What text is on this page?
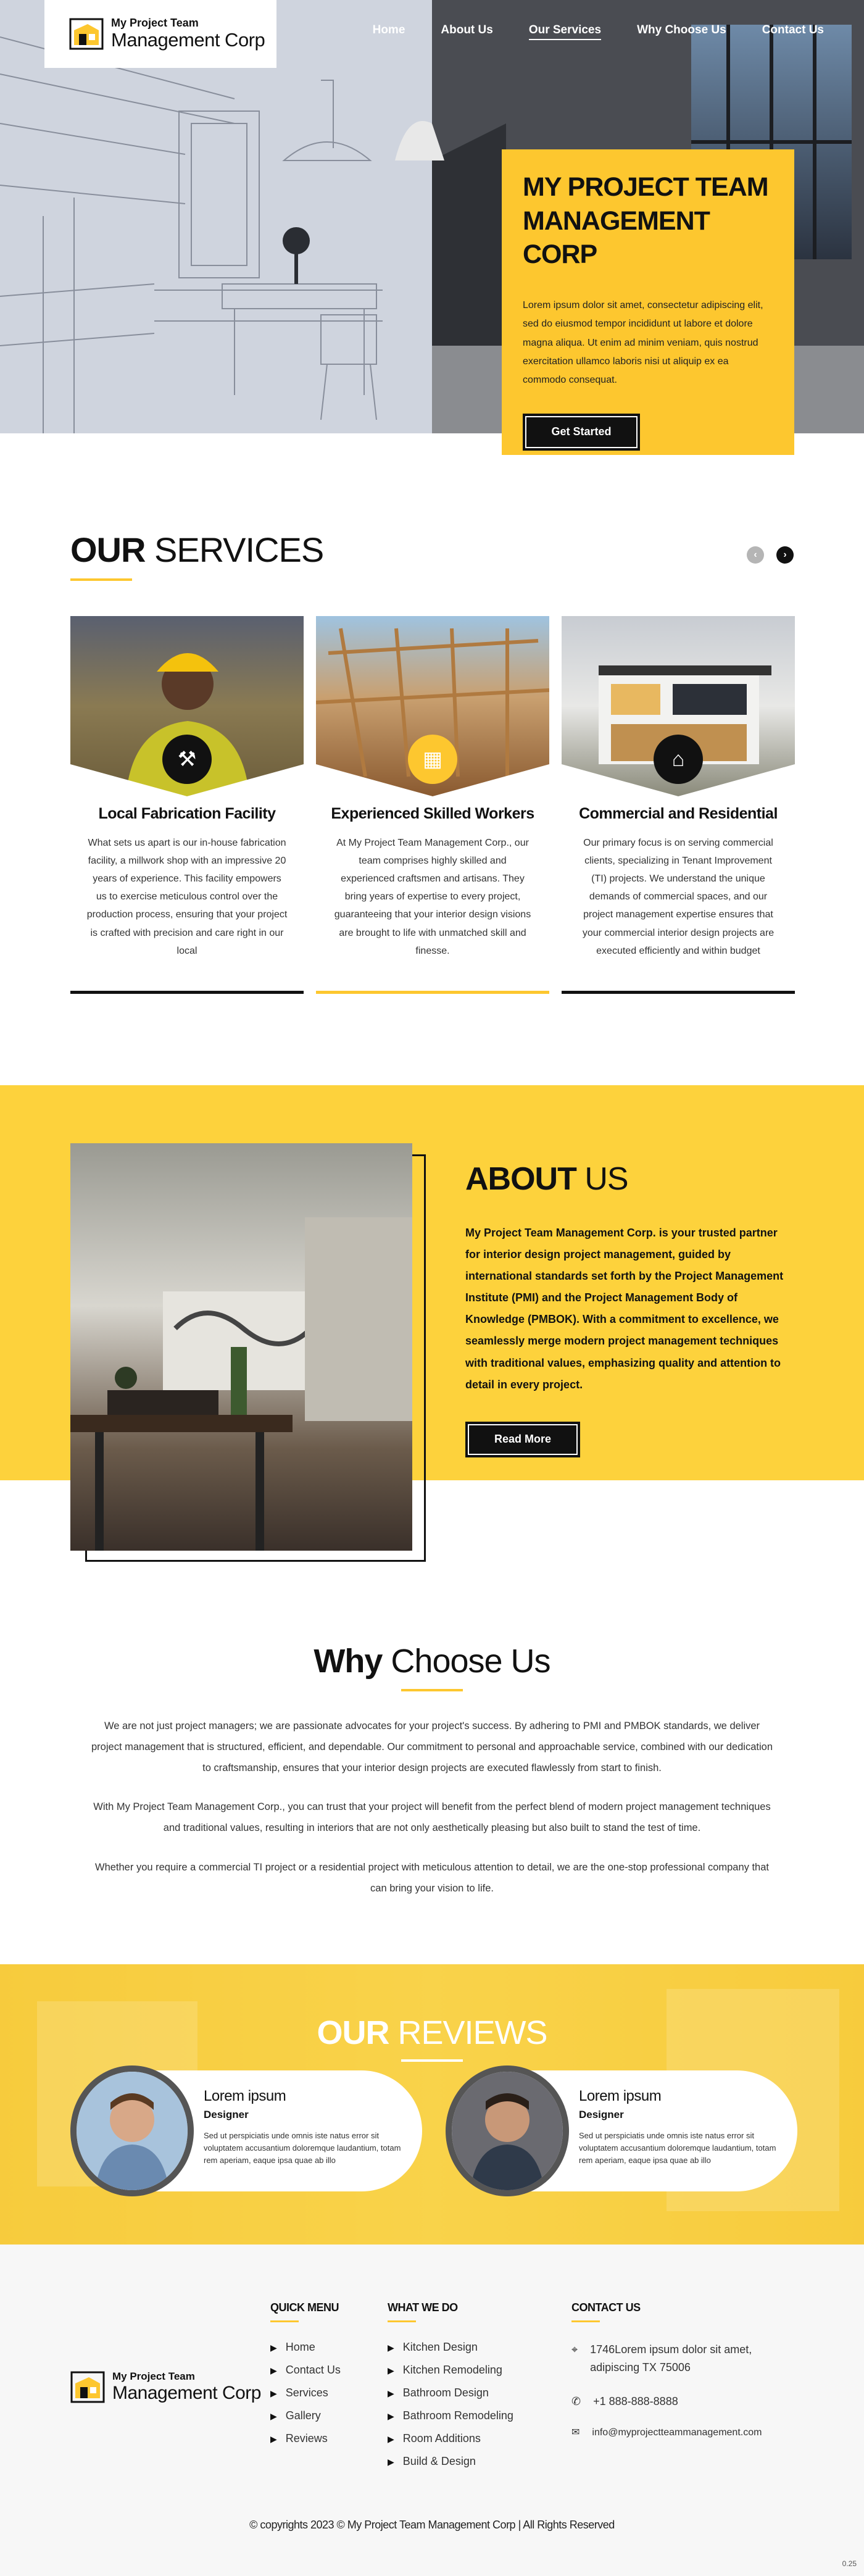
My Project Team
Management Corp	Home	About Us	Our Services	Why Choose Us	Contact Us
MY PROJECT TEAM MANAGEMENT CORP

Lorem ipsum dolor sit amet, consectetur adipiscing elit, sed do eiusmod tempor incididunt ut labore et dolore magna aliqua. Ut enim ad minim veniam, quis nostrud exercitation ullamco laboris nisi ut aliquip ex ea commodo consequat.

Get Started
OUR SERVICES	‹	›
⚒
Local Fabrication Facility

What sets us apart is our in-house fabrication facility, a millwork shop with an impressive 20 years of experience. This facility empowers us to exercise meticulous control over the production process, ensuring that your project is crafted with precision and care right in our local

▦
Experienced Skilled Workers

At My Project Team Management Corp., our team comprises highly skilled and experienced craftsmen and artisans. They bring years of expertise to every project, guaranteeing that your interior design visions are brought to life with unmatched skill and finesse.

⌂
Commercial and Residential

Our primary focus is on serving commercial clients, specializing in Tenant Improvement (TI) projects. We understand the unique demands of commercial spaces, and our project management expertise ensures that your commercial interior design projects are executed efficiently and within budget

ABOUT US

My Project Team Management Corp. is your trusted partner for interior design project management, guided by international standards set forth by the Project Management Institute (PMI) and the Project Management Body of Knowledge (PMBOK). With a commitment to excellence, we seamlessly merge modern project management techniques with traditional values, emphasizing quality and attention to detail in every project.

Read More
Why Choose Us

We are not just project managers; we are passionate advocates for your project's success. By adhering to PMI and PMBOK standards, we deliver project management that is structured, efficient, and dependable. Our commitment to personal and approachable service, combined with our dedication to craftsmanship, ensures that your interior design projects are executed flawlessly from start to finish.

With My Project Team Management Corp., you can trust that your project will benefit from the perfect blend of modern project management techniques and traditional values, resulting in interiors that are not only aesthetically pleasing but also built to stand the test of time.

Whether you require a commercial TI project or a residential project with meticulous attention to detail, we are the one-stop professional company that can bring your vision to life.

OUR REVIEWS
Lorem ipsum
Designer
Sed ut perspiciatis unde omnis iste natus error sit voluptatem accusantium doloremque laudantium, totam rem aperiam, eaque ipsa quae ab illo
Lorem ipsum
Designer
Sed ut perspiciatis unde omnis iste natus error sit voluptatem accusantium doloremque laudantium, totam rem aperiam, eaque ipsa quae ab illo
My Project Team
Management Corp
QUICK MENU
▶ Home
▶ Contact Us
▶ Services
▶ Gallery
▶ Reviews
WHAT WE DO
▶ Kitchen Design
▶ Kitchen Remodeling
▶ Bathroom Design
▶ Bathroom Remodeling
▶ Room Additions
▶ Build & Design
CONTACT US
⌖ 1746Lorem ipsum dolor sit amet, adipiscing TX 75006
✆ +1 888-888-8888
✉ info@myprojectteammanagement.com
© copyrights 2023 © My Project Team Management Corp | All Rights Reserved
0.25
